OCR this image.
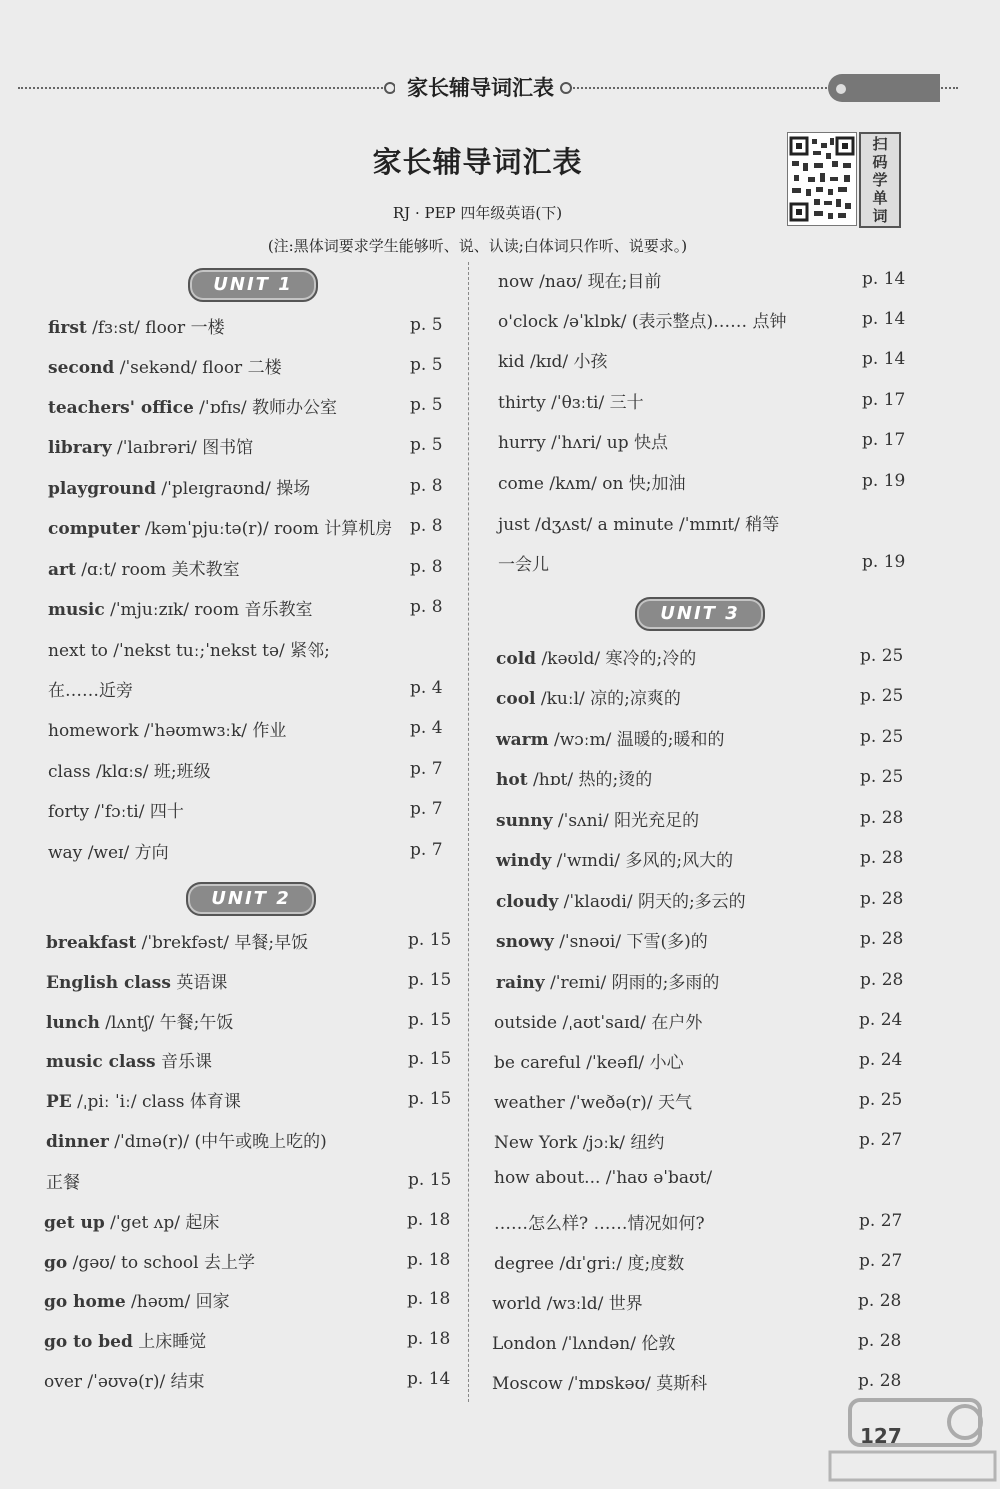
家长辅导词汇表
家长辅导词汇表
RJ · PEP 四年级英语(下)
(注:黑体词要求学生能够听、说、认读;白体词只作听、说要求。)
扫
码
学
单
词
UNIT 1
first /fɜːst/ floor 一楼	p. 5
second /ˈsekənd/ floor 二楼	p. 5
teachers' office /ˈɒfɪs/ 教师办公室	p. 5
library /ˈlaɪbrəri/ 图书馆	p. 5
playground /ˈpleɪgraʊnd/ 操场	p. 8
computer /kəmˈpjuːtə(r)/ room 计算机房 p. 8
art /ɑːt/ room 美术教室	p. 8
music /ˈmjuːzɪk/ room 音乐教室	p. 8
next to /ˈnekst tuː;ˈnekst tə/ 紧邻;
在……近旁	p. 4
homework /ˈhəʊmwɜːk/ 作业	p. 4
class /klɑːs/ 班;班级	p. 7
forty /ˈfɔːti/ 四十	p. 7
way /weɪ/ 方向	p. 7
UNIT 2
breakfast /ˈbrekfəst/ 早餐;早饭	p. 15
English class 英语课	p. 15
lunch /lʌntʃ/ 午餐;午饭	p. 15
music class 音乐课	p. 15
PE /ˌpiː ˈiː/ class 体育课	p. 15
dinner /ˈdɪnə(r)/ (中午或晚上吃的)
正餐	p. 15
get up /ˈget ʌp/ 起床	p. 18
go /gəʊ/ to school 去上学	p. 18
go home /həʊm/ 回家	p. 18
go to bed 上床睡觉	p. 18
over /ˈəʊvə(r)/ 结束	p. 14
now /naʊ/ 现在;目前	p. 14
o'clock /əˈklɒk/ (表示整点)…… 点钟	p. 14
kid /kɪd/ 小孩	p. 14
thirty /ˈθɜːti/ 三十	p. 17
hurry /ˈhʌri/ up 快点	p. 17
come /kʌm/ on 快;加油	p. 19
just /dʒʌst/ a minute /ˈmɪnɪt/ 稍等
一会儿	p. 19
UNIT 3
cold /kəʊld/ 寒冷的;冷的	p. 25
cool /kuːl/ 凉的;凉爽的	p. 25
warm /wɔːm/ 温暖的;暖和的	p. 25
hot /hɒt/ 热的;烫的	p. 25
sunny /ˈsʌni/ 阳光充足的	p. 28
windy /ˈwɪndi/ 多风的;风大的	p. 28
cloudy /ˈklaʊdi/ 阴天的;多云的	p. 28
snowy /ˈsnəʊi/ 下雪(多)的	p. 28
rainy /ˈreɪni/ 阴雨的;多雨的	p. 28
outside /ˌaʊtˈsaɪd/ 在户外	p. 24
be careful /ˈkeəfl/ 小心	p. 24
weather /ˈweðə(r)/ 天气	p. 25
New York /jɔːk/ 纽约	p. 27
how about... /ˈhaʊ əˈbaʊt/
……怎么样? ……情况如何?	p. 27
degree /dɪˈgriː/ 度;度数	p. 27
world /wɜːld/ 世界	p. 28
London /ˈlʌndən/ 伦敦	p. 28
Moscow /ˈmɒskəʊ/ 莫斯科	p. 28
127
